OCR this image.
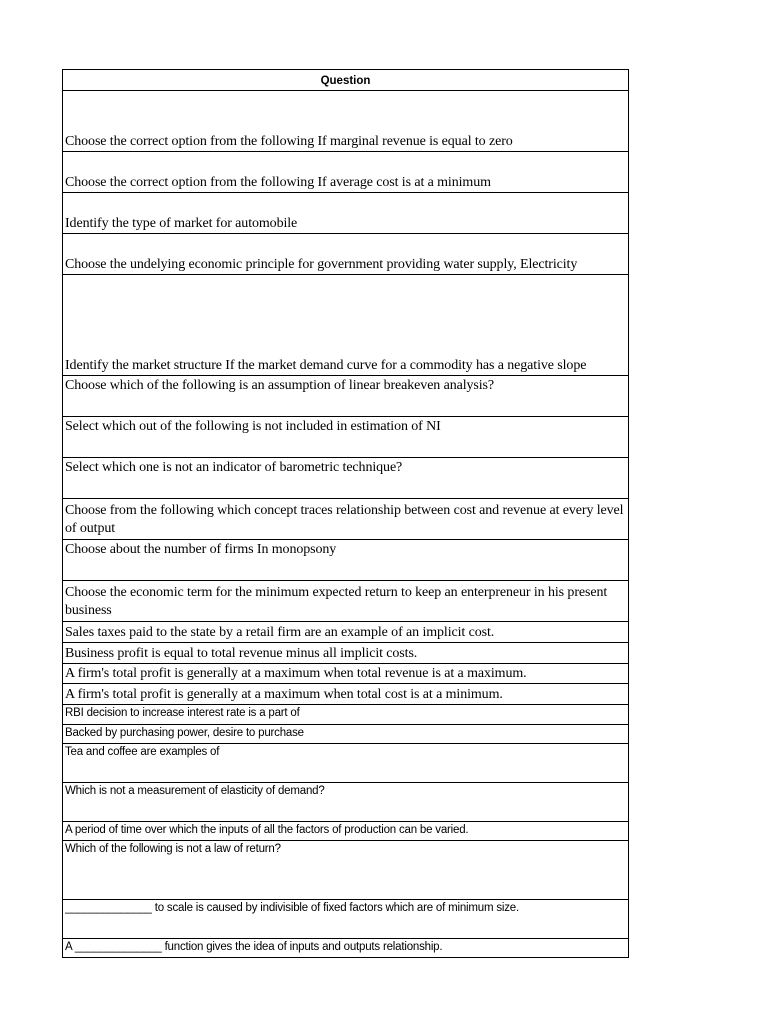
Question
Choose the correct option from the following If marginal revenue is equal to zero
Choose the correct option from the following If average cost is at a minimum
Identify the type of market for automobile
Choose the undelying economic principle for government providing water supply, Electricity
Identify the market structure If the market demand curve for a commodity has a negative slope
Choose which of the following is an assumption of linear breakeven analysis?
Select which out of the following is not included in estimation of NI
Select which one is not an indicator of barometric technique?
Choose from the following which concept traces relationship between cost and revenue at every level of output
Choose about the number of firms In monopsony
Choose the economic term for the minimum expected return to keep an enterpreneur in his present business
Sales taxes paid to the state by a retail firm are an example of an implicit cost.
Business profit is equal to total revenue minus all implicit costs.
A firm's total profit is generally at a maximum when total revenue is at a maximum.
A firm's total profit is generally at a maximum when total cost is at a minimum.
RBI decision to increase interest rate is a part of
Backed by purchasing power, desire to purchase
Tea and coffee are examples of
Which is not a measurement of elasticity of demand?
A period of time over which the inputs of all the factors of production can be varied.
Which of the following is not a law of return?
______________ to scale is caused by indivisible of fixed factors which are of minimum size.
A ______________ function gives the idea of inputs and outputs relationship.
